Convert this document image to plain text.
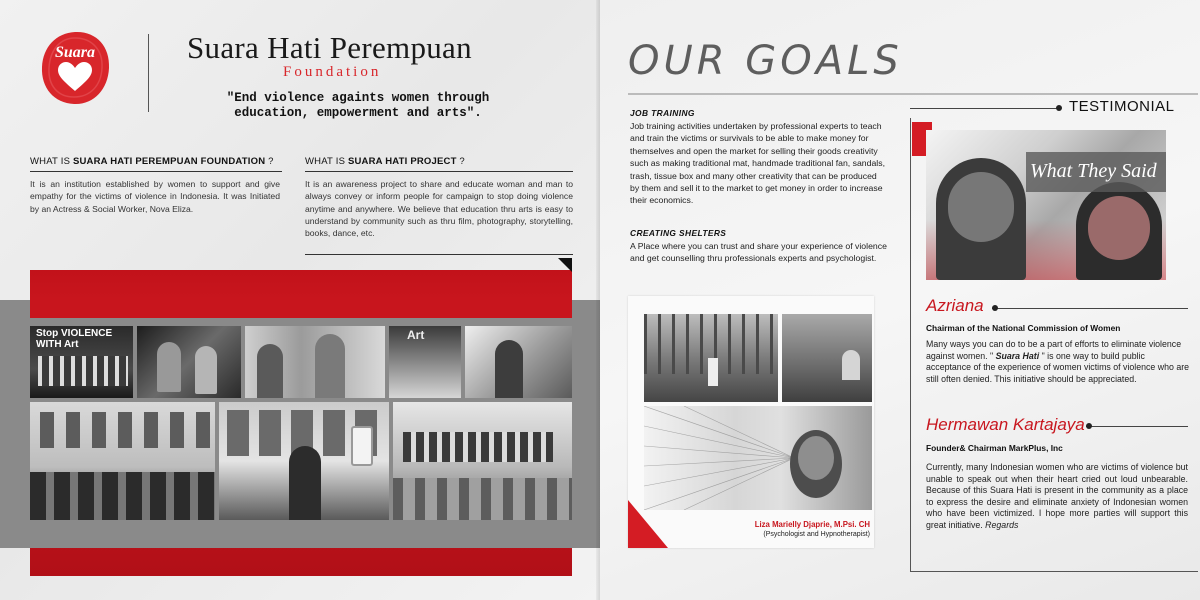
Suara	Suara Hati Perempuan
Foundation
"End violence againts women through education, empowerment and arts".
WHAT IS SUARA HATI PEREMPUAN FOUNDATION ?
It is an institution established by women to support and give empathy for the victims of violence in Indonesia. It was Initiated by an Actress & Social Worker, Nova Eliza.
WHAT IS SUARA HATI PROJECT ?
It is an awareness project to share and educate woman and man to always convey or inform people for campaign to stop doing violence anytime and anywhere. We believe that education thru arts is easy to understand by community such as thru film, photography, storytelling, books, dance, etc.
Stop VIOLENCE WITH Art
Art
OUR GOALS
JOB TRAINING
Job training activities undertaken by professional experts to teach and train the victims or survivals to be able to make money for themselves and open the market for selling their goods creativity such as making traditional mat, handmade traditional fan, sandals, trash, tissue box and many other creativity that can be produced by them and sell it to the market to get money in order to increase their economics.
CREATING SHELTERS
A Place where you can trust and share your experience of violence and get counselling thru professionals experts and psychologist.
Liza Marielly Djaprie, M.Psi. CH
(Psychologist and Hypnotherapist)
TESTIMONIAL
What They Said
Azriana
Chairman of the National Commission of Women
Many ways you can do to be a part of efforts to eliminate violence against women. " Suara Hati " is one way to build public acceptance of the experience of women victims of violence who are still often denied. This initiative should be appreciated.
Hermawan Kartajaya
Founder& Chairman MarkPlus, Inc
Currently, many Indonesian women who are victims of violence but unable to speak out when their heart cried out loud unbearable. Because of this Suara Hati is present in the community as a place to express the desire and eliminate anxiety of Indonesian women who have been victimized. I hope more parties will support this great initiative. Regards
